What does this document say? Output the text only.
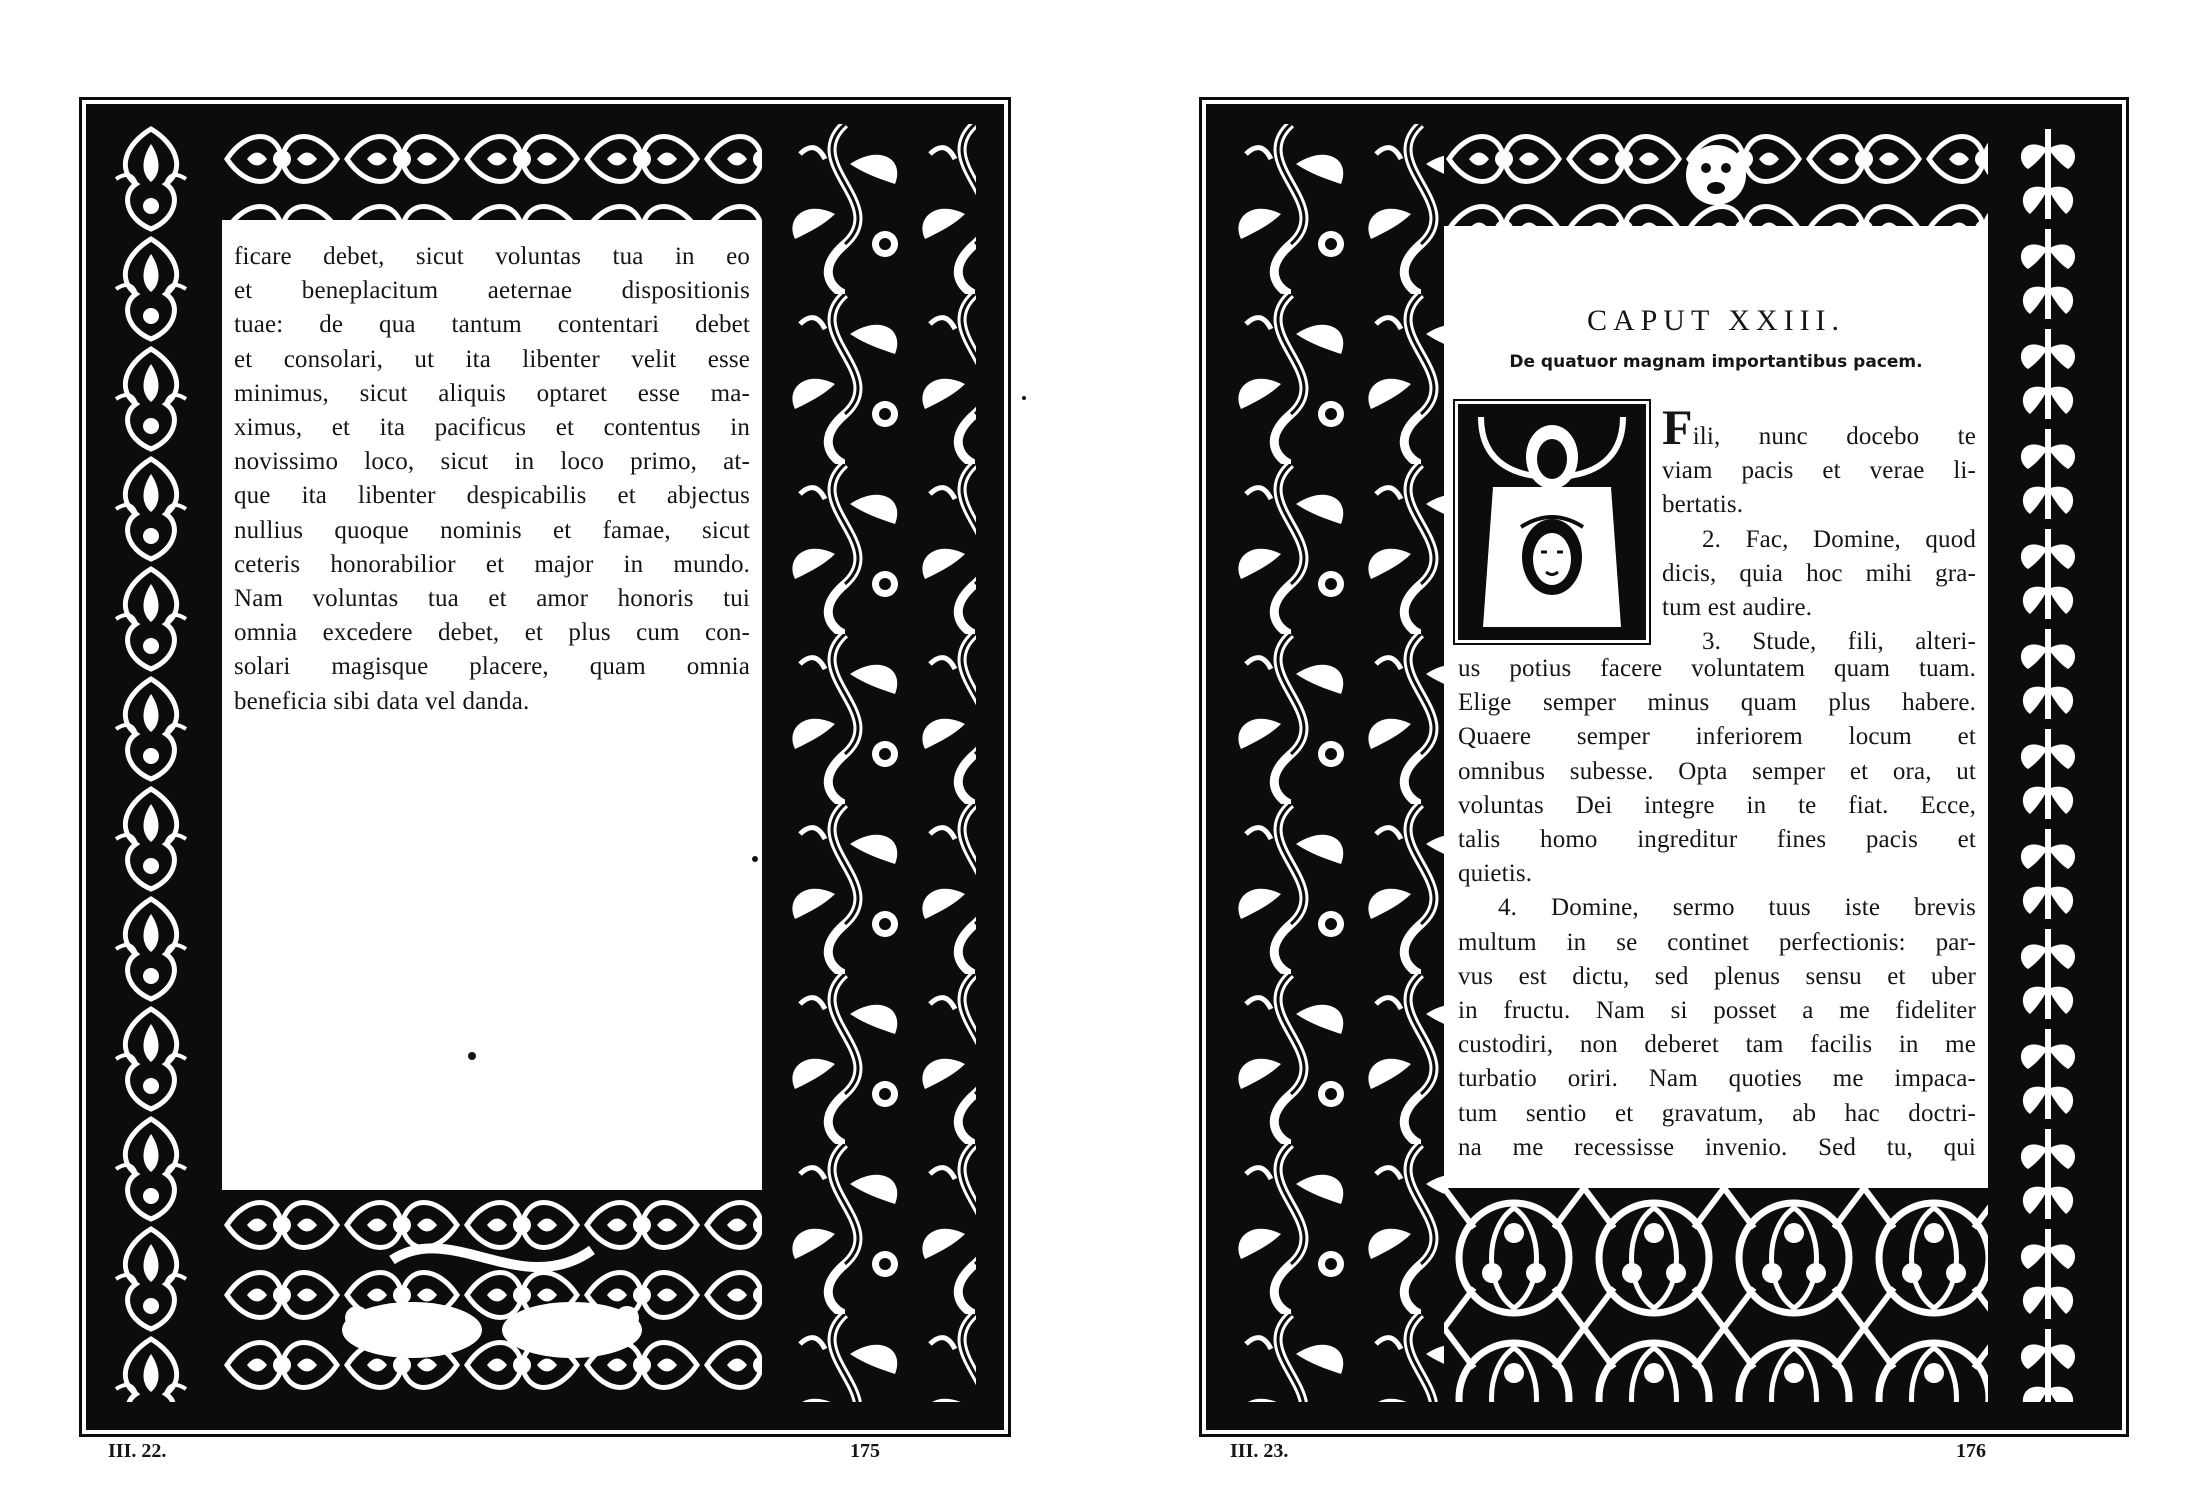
ficare debet, sicut voluntas tua in eo

et beneplacitum aeternae dispositionis

tuae: de qua tantum contentari debet

et consolari, ut ita libenter velit esse

minimus, sicut aliquis optaret esse ma-

ximus, et ita pacificus et contentus in

novissimo loco, sicut in loco primo, at-

que ita libenter despicabilis et abjectus

nullius quoque nominis et famae, sicut

ceteris honorabilior et major in mundo.

Nam voluntas tua et amor honoris tui

omnia excedere debet, et plus cum con-

solari magisque placere, quam omnia

beneficia sibi data vel danda.

III. 22.	175
CAPUT XXIII.
De quatuor magnam importantibus pacem.

Fili, nunc docebo te

viam pacis et verae li-

bertatis.

2. Fac, Domine, quod

dicis, quia hoc mihi gra-

tum est audire.

3. Stude, fili, alteri-

us potius facere voluntatem quam tuam.

Elige semper minus quam plus habere.

Quaere semper inferiorem locum et

omnibus subesse. Opta semper et ora, ut

voluntas Dei integre in te fiat. Ecce,

talis homo ingreditur fines pacis et

quietis.

4. Domine, sermo tuus iste brevis

multum in se continet perfectionis: par-

vus est dictu, sed plenus sensu et uber

in fructu. Nam si posset a me fideliter

custodiri, non deberet tam facilis in me

turbatio oriri. Nam quoties me impaca-

tum sentio et gravatum, ab hac doctri-

na me recessisse invenio. Sed tu, qui

III. 23.	176
